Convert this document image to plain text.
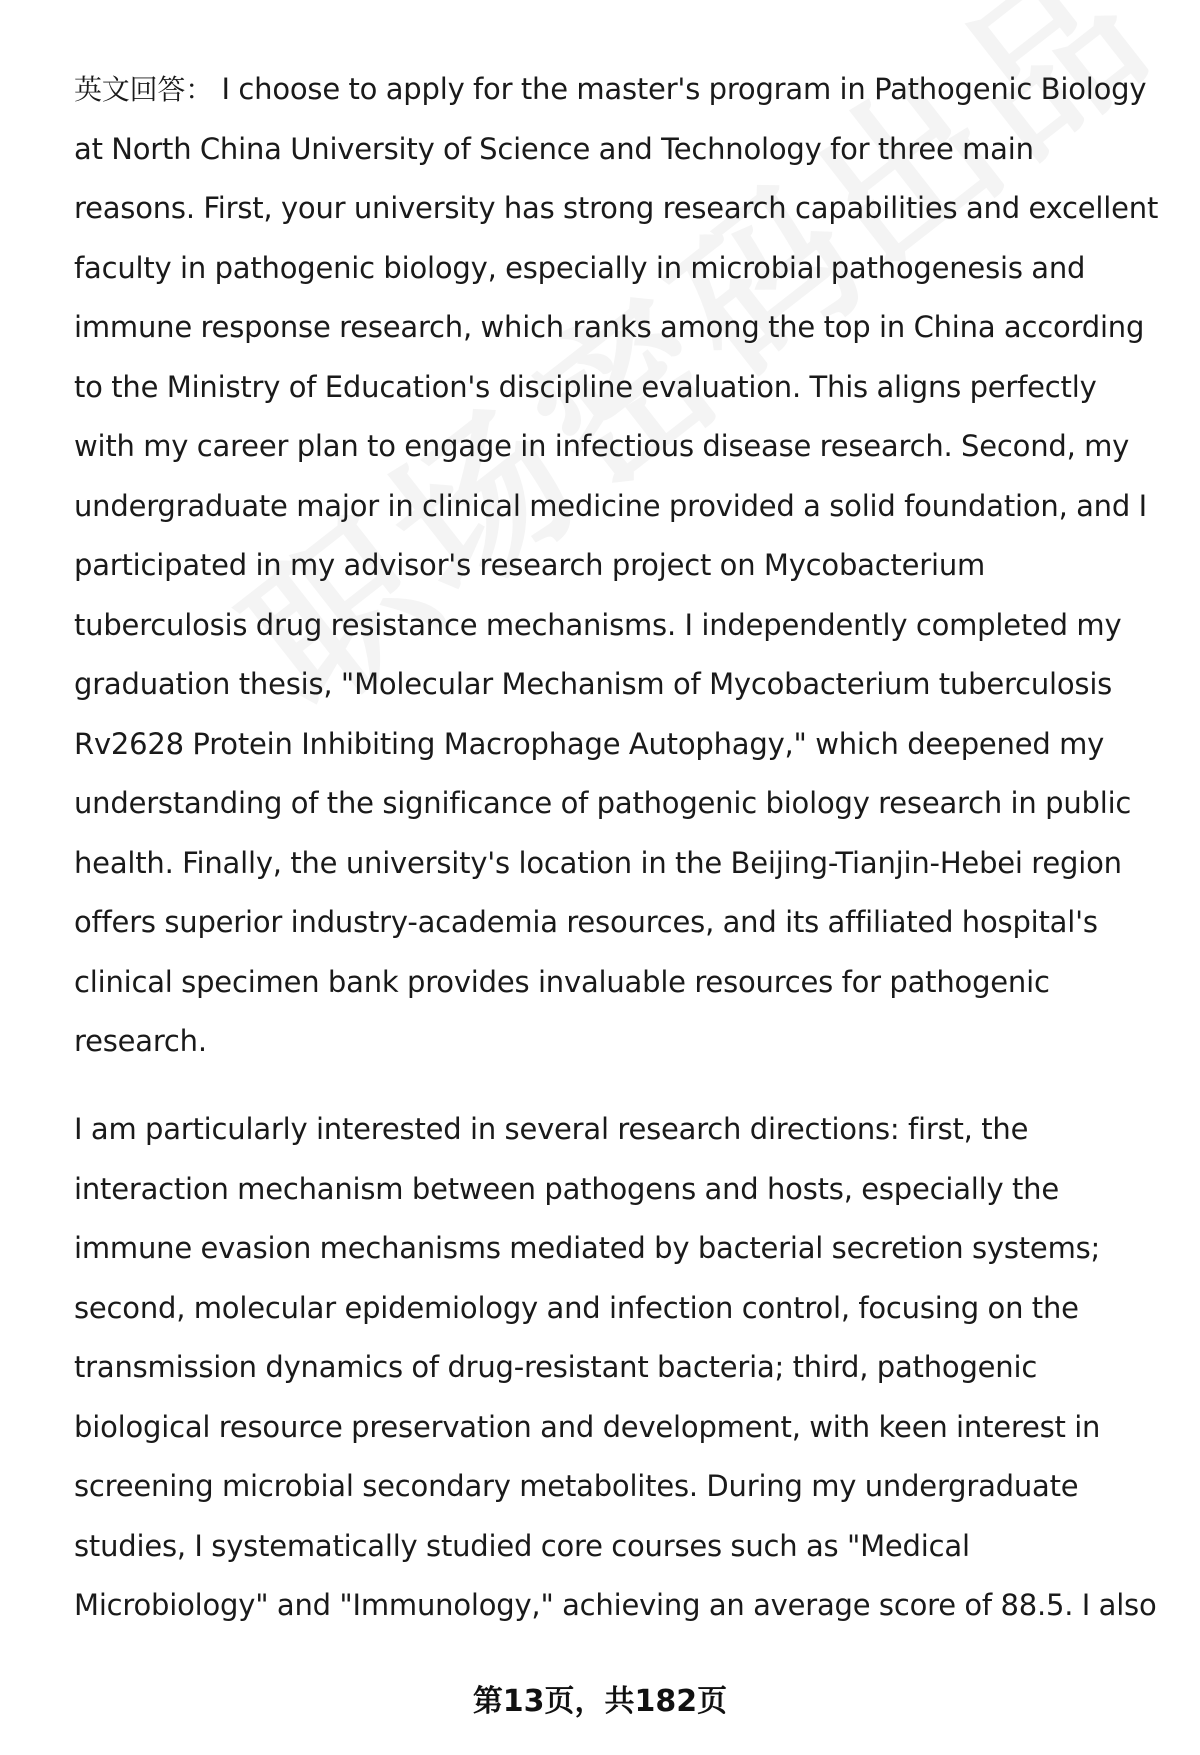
英文回答： I choose to apply for the master's program in Pathogenic Biology at North China University of Science and Technology for three main reasons. First, your university has strong research capabilities and excellent faculty in pathogenic biology, especially in microbial pathogenesis and immune response research, which ranks among the top in China according to the Ministry of Education's discipline evaluation. This aligns perfectly with my career plan to engage in infectious disease research. Second, my undergraduate major in clinical medicine provided a solid foundation, and I participated in my advisor's research project on Mycobacterium tuberculosis drug resistance mechanisms. I independently completed my graduation thesis, "Molecular Mechanism of Mycobacterium tuberculosis Rv2628 Protein Inhibiting Macrophage Autophagy," which deepened my understanding of the significance of pathogenic biology research in public health. Finally, the university's location in the Beijing-Tianjin-Hebei region offers superior industry-academia resources, and its affiliated hospital's clinical specimen bank provides invaluable resources for pathogenic research.
I am particularly interested in several research directions: first, the interaction mechanism between pathogens and hosts, especially the immune evasion mechanisms mediated by bacterial secretion systems; second, molecular epidemiology and infection control, focusing on the transmission dynamics of drug-resistant bacteria; third, pathogenic biological resource preservation and development, with keen interest in screening microbial secondary metabolites. During my undergraduate studies, I systematically studied core courses such as "Medical Microbiology" and "Immunology," achieving an average score of 88.5. I also
第13页，共182页
